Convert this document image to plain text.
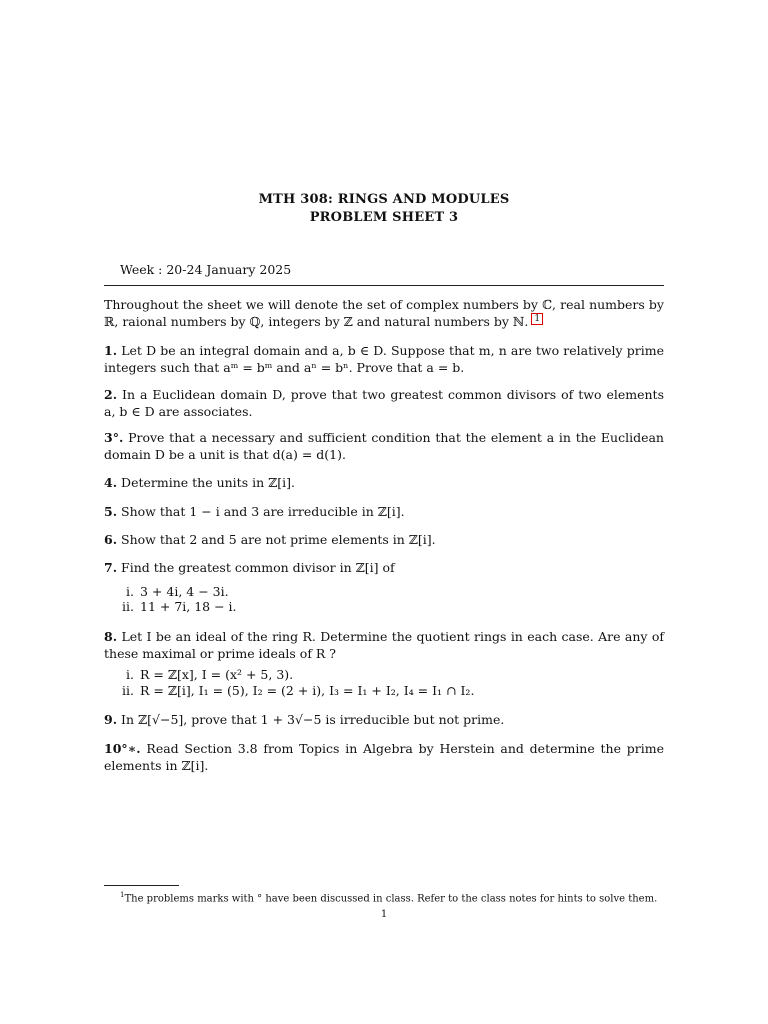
MTH 308: RINGS AND MODULES
PROBLEM SHEET 3
Week : 20-24 January 2025
Throughout the sheet we will denote the set of complex numbers by ℂ, real numbers by ℝ, raional numbers by ℚ, integers by ℤ and natural numbers by ℕ. 1
1. Let D be an integral domain and a, b ∈ D. Suppose that m, n are two relatively prime integers such that aᵐ = bᵐ and aⁿ = bⁿ. Prove that a = b.
2. In a Euclidean domain D, prove that two greatest common divisors of two elements a, b ∈ D are associates.
3°. Prove that a necessary and sufficient condition that the element a in the Euclidean domain D be a unit is that d(a) = d(1).
4. Determine the units in ℤ[i].
5. Show that 1 − i and 3 are irreducible in ℤ[i].
6. Show that 2 and 5 are not prime elements in ℤ[i].
7. Find the greatest common divisor in ℤ[i] of
i. 3 + 4i, 4 − 3i.
ii. 11 + 7i, 18 − i.
8. Let I be an ideal of the ring R. Determine the quotient rings in each case. Are any of these maximal or prime ideals of R ?
i. R = ℤ[x], I = (x² + 5, 3).
ii. R = ℤ[i], I₁ = (5), I₂ = (2 + i), I₃ = I₁ + I₂, I₄ = I₁ ∩ I₂.
9. In ℤ[√−5], prove that 1 + 3√−5 is irreducible but not prime.
10°∗. Read Section 3.8 from Topics in Algebra by Herstein and determine the prime elements in ℤ[i].
$^1$The problems marks with ° have been discussed in class. Refer to the class notes for hints to solve them.
1
